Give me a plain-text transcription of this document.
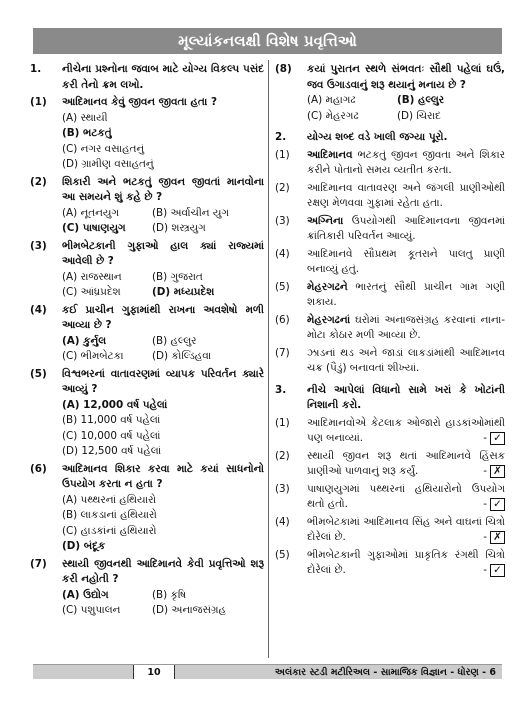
મૂલ્યાંકનલક્ષી વિશેષ પ્રવૃત્તિઓ
1.	નીચેના પ્રશ્નોના જવાબ માટે યોગ્ય વિકલ્પ પસંદ કરી તેનો ક્રમ લખો.
(1)	આદિમાનવ કેવું જીવન જીવતા હતા ?
(A) સ્થાયી
(B) ભટકતું
(C) નગર વસાહતનું
(D) ગ્રામીણ વસાહતનું
(2)	શિકારી અને ભટકતું જીવન જીવતાં માનવોના આ સમયને શું કહે છે ?
(A) નૂતનયુગ	(B) અર્વાચીન યુગ
(C) પાષાણયુગ	(D) શસ્ત્રયુગ
(3)	ભીમબેટકાની ગુફાઓ હાલ ક્યાં રાજ્યમાં આવેલી છે ?
(A) રાજસ્થાન	(B) ગુજરાત
(C) આંધ્રપ્રદેશ	(D) મધ્યપ્રદેશ
(4)	કઈ પ્રાચીન ગુફામાંથી રાખના અવશેષો મળી આવ્યા છે ?
(A) કુર્નુલ	(B) હલ્લુર
(C) ભીમબેટકા	(D) કોલ્ડિહવા
(5)	વિશ્વભરનાં વાતાવરણમાં વ્યાપક પરિવર્તન ક્યારે આવ્યું ?
(A) 12,000 વર્ષ પહેલાં
(B) 11,000 વર્ષ પહેલાં
(C) 10,000 વર્ષ પહેલાં
(D) 12,500 વર્ષ પહેલાં
(6)	આદિમાનવ શિકાર કરવા માટે કયાં સાધનોનો ઉપયોગ કરતા ન હતા ?
(A) પથ્થરનાં હથિયારો
(B) લાકડાનાં હથિયારો
(C) હાડકાંનાં હથિયારો
(D) બંદૂક
(7)	સ્થાયી જીવનથી આદિમાનવે કેવી પ્રવૃત્તિઓ શરૂ કરી નહોતી ?
(A) ઉદ્યોગ	(B) કૃષિ
(C) પશુપાલન	(D) અનાજસંગ્રહ
(8)	કયાં પુરાતન સ્થળે સંભવતઃ સૌથી પહેલાં ઘઉં, જવ ઉગાડવાનું શરૂ થયાનું મનાય છે ?
(A) મહાગઢ	(B) હલ્લુર
(C) મેહરગઢ	(D) ચિરાદ
2.	યોગ્ય શબ્દ વડે ખાલી જગ્યા પૂરો.
(1)	આદિમાનવ ભટકતું જીવન જીવતા અને શિકાર કરીને પોતાનો સમય વ્યતીત કરતા.
(2)	આદિમાનવ વાતાવરણ અને જંગલી પ્રાણીઓથી રક્ષણ મેળવવા ગુફામાં રહેતા હતા.
(3)	અગ્નિના ઉપયોગથી આદિમાનવના જીવનમાં ક્રાંતિકારી પરિવર્તન આવ્યું.
(4)	આદિમાનવે સૌપ્રથમ કૂતરાને પાલતુ પ્રાણી બનાવ્યું હતું.
(5)	મેહરગઢને ભારતનું સૌથી પ્રાચીન ગામ ગણી શકાય.
(6)	મેહરગઢનાં ઘરોમાં અનાજસંગ્રહ કરવાનાં નાના-મોટા કોઠાર મળી આવ્યા છે.
(7)	ઝાડનાં થડ અને જાડાં લાકડાંમાંથી આદિમાનવ ચક્ર (પૈડું) બનાવતાં શીખ્યાં.
3.	નીચે આપેલાં વિધાનો સામે ખરાં કે ખોટાંની નિશાની કરો.
(1)	આદિમાનવોએ કેટલાક ઓજારો હાડકાંઓમાંથી પણ બનાવ્યાં.	- ✓
(2)	સ્થાયી જીવન શરૂ થતાં આદિમાનવે હિંસક પ્રાણીઓ પાળવાનું શરૂ કર્યું.	- ✗
(3)	પાષાણયુગમાં પથ્થરનાં હથિયારોનો ઉપયોગ થતો હતો.	- ✓
(4)	ભીમબેટકામાં આદિમાનવ સિંહ અને વાઘનાં ચિત્રો દોરેલાં છે.	- ✗
(5)	ભીમબેટકાની ગુફાઓમાં પ્રાકૃતિક રંગથી ચિત્રો દોરેલાં છે.	- ✓
10	અલંકાર સ્ટડી મટીરિઅલ - સામાજિક વિજ્ઞાન - ધોરણ - 6
